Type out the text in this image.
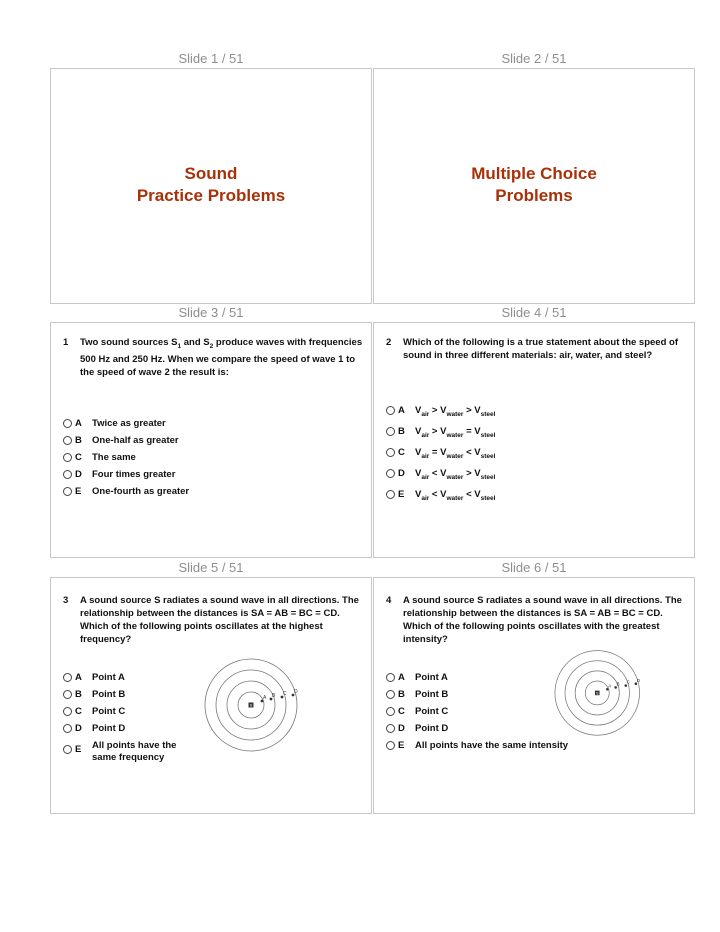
Slide 1 / 51	Slide 2 / 51
Sound
Practice Problems
Multiple Choice
Problems
Slide 3 / 51	Slide 4 / 51
1 Two sound sources $S_1$ and $S_2$ produce waves with frequencies 500 Hz and 250 Hz. When we compare the speed of wave 1 to the speed of wave 2 the result is:
A	Twice as greater
B	One-half as greater
C	The same
D	Four times greater
E	One-fourth as greater
2 Which of the following is a true statement about the speed of sound in three different materials: air, water, and steel?
A	$V_{air} > V_{water} > V_{steel}$
B	$V_{air} > V_{water} = V_{steel}$
C	$V_{air} = V_{water} < V_{steel}$
D	$V_{air} < V_{water} > V_{steel}$
E	$V_{air} < V_{water} < V_{steel}$
Slide 5 / 51	Slide 6 / 51
3 A sound source S radiates a sound wave in all directions. The relationship between the distances is SA = AB = BC = CD. Which of the following points oscillates at the highest frequency?
A	Point A
B	Point B
C	Point C
D	Point D
E	All points have the same frequency
S
A B C D
4 A sound source S radiates a sound wave in all directions. The relationship between the distances is SA = AB = BC = CD. Which of the following points oscillates with the greatest intensity?
A	Point A
B	Point B
C	Point C
D	Point D
E	All points have the same intensity
S
A B C D
